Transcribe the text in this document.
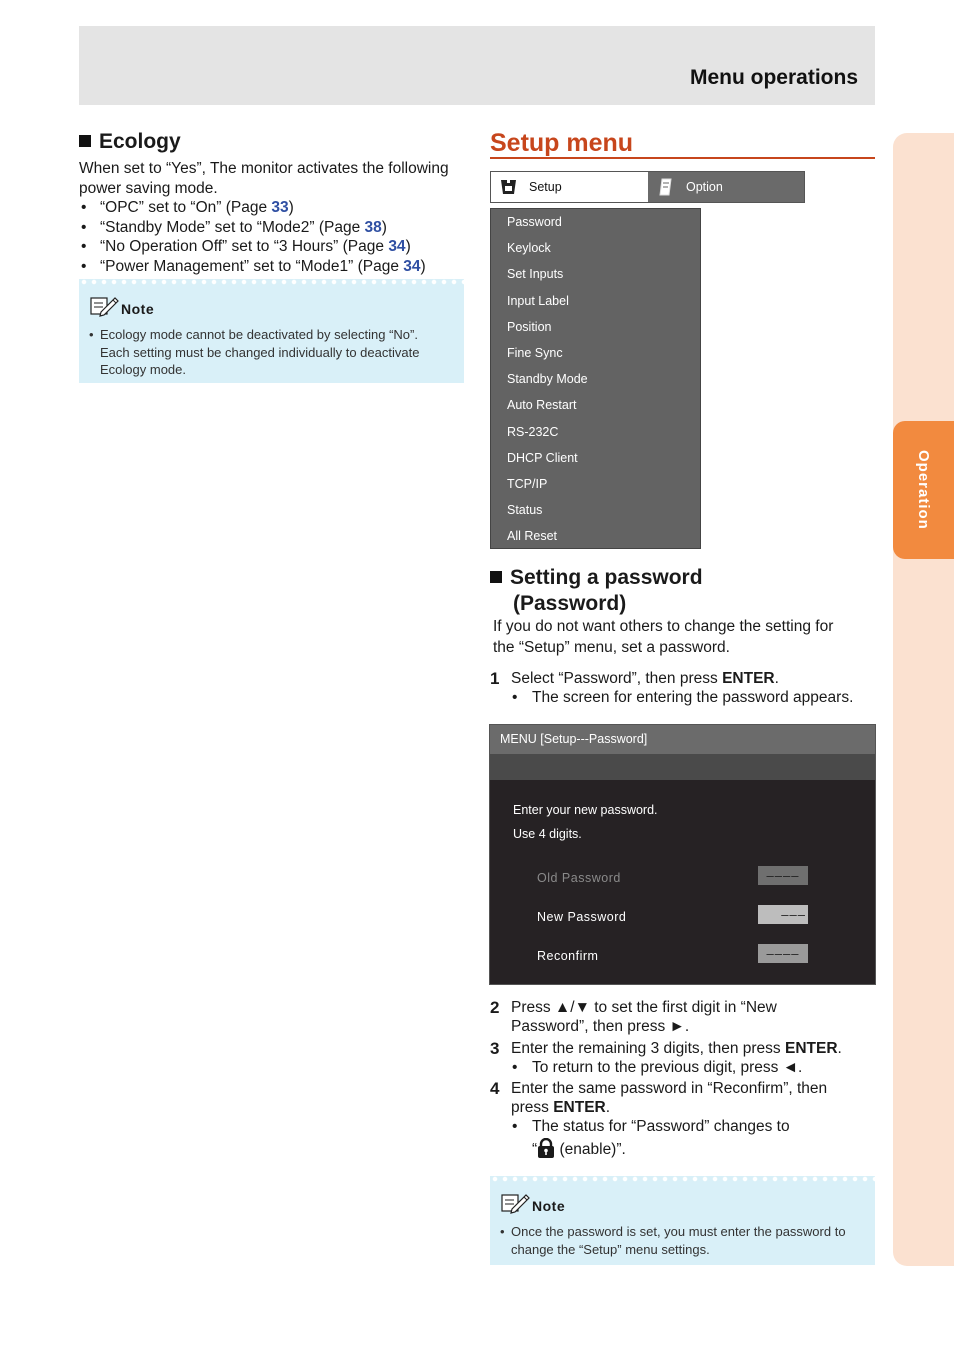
Menu operations
Operation
Ecology
When set to “Yes”, The monitor activates the following power saving mode.
• “OPC” set to “On” (Page 33)
• “Standby Mode” set to “Mode2” (Page 38)
• “No Operation Off” set to “3 Hours” (Page 34)
• “Power Management” set to “Mode1” (Page 34)
Note
• Ecology mode cannot be deactivated by selecting “No”. Each setting must be changed individually to deactivate Ecology mode.
Setup menu
Setup	Option
Password
Keylock
Set Inputs
Input Label
Position
Fine Sync
Standby Mode
Auto Restart
RS-232C
DHCP Client
TCP/IP
Status
All Reset
Setting a password
(Password)
If you do not want others to change the setting for the “Setup” menu, set a password.
1 Select “Password”, then press ENTER.
• The screen for entering the password appears.
MENU [Setup---Password]
Enter your new password.
Use 4 digits.
Old Password	––––
New Password	–––
Reconfirm	––––
2 Press ▲/▼ to set the first digit in “New
Password”, then press ►.
3 Enter the remaining 3 digits, then press ENTER.
• To return to the previous digit, press ◄.
4 Enter the same password in “Reconfirm”, then
press ENTER.
• The status for “Password” changes to
“ (enable)”.
Note
• Once the password is set, you must enter the password to change the “Setup” menu settings.
